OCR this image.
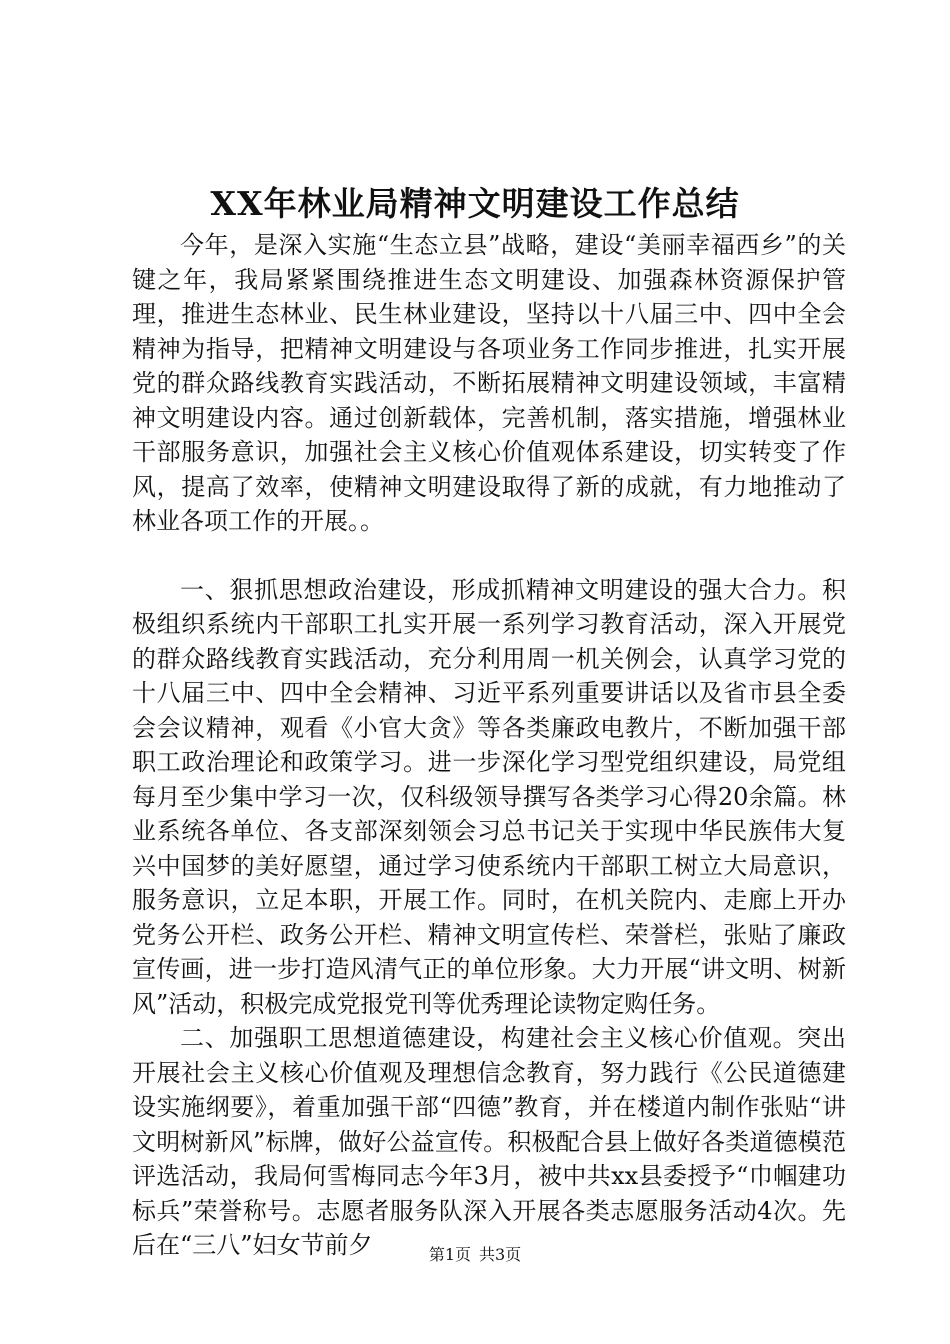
XX年林业局精神文明建设工作总结

今年，是深入实施“生态立县”战略，建设“美丽幸福西乡”的关键之年，我局紧紧围绕推进生态文明建设、加强森林资源保护管理，推进生态林业、民生林业建设，坚持以十八届三中、四中全会精神为指导，把精神文明建设与各项业务工作同步推进，扎实开展党的群众路线教育实践活动，不断拓展精神文明建设领域，丰富精神文明建设内容。通过创新载体，完善机制，落实措施，增强林业干部服务意识，加强社会主义核心价值观体系建设，切实转变了作风，提高了效率，使精神文明建设取得了新的成就，有力地推动了林业各项工作的开展。。

一、狠抓思想政治建设，形成抓精神文明建设的强大合力。积极组织系统内干部职工扎实开展一系列学习教育活动，深入开展党的群众路线教育实践活动，充分利用周一机关例会，认真学习党的十八届三中、四中全会精神、习近平系列重要讲话以及省市县全委会会议精神，观看《小官大贪》等各类廉政电教片，不断加强干部职工政治理论和政策学习。进一步深化学习型党组织建设，局党组每月至少集中学习一次，仅科级领导撰写各类学习心得20余篇。林业系统各单位、各支部深刻领会习总书记关于实现中华民族伟大复兴中国梦的美好愿望，通过学习使系统内干部职工树立大局意识，服务意识，立足本职，开展工作。同时，在机关院内、走廊上开办党务公开栏、政务公开栏、精神文明宣传栏、荣誉栏，张贴了廉政宣传画，进一步打造风清气正的单位形象。大力开展“讲文明、树新风”活动，积极完成党报党刊等优秀理论读物定购任务。

二、加强职工思想道德建设，构建社会主义核心价值观。突出开展社会主义核心价值观及理想信念教育，努力践行《公民道德建设实施纲要》，着重加强干部“四德”教育，并在楼道内制作张贴“讲文明树新风”标牌，做好公益宣传。积极配合县上做好各类道德模范评选活动，我局何雪梅同志今年3月，被中共xx县委授予“巾帼建功标兵”荣誉称号。志愿者服务队深入开展各类志愿服务活动4次。先后在“三八”妇女节前夕	第1页 共3页
